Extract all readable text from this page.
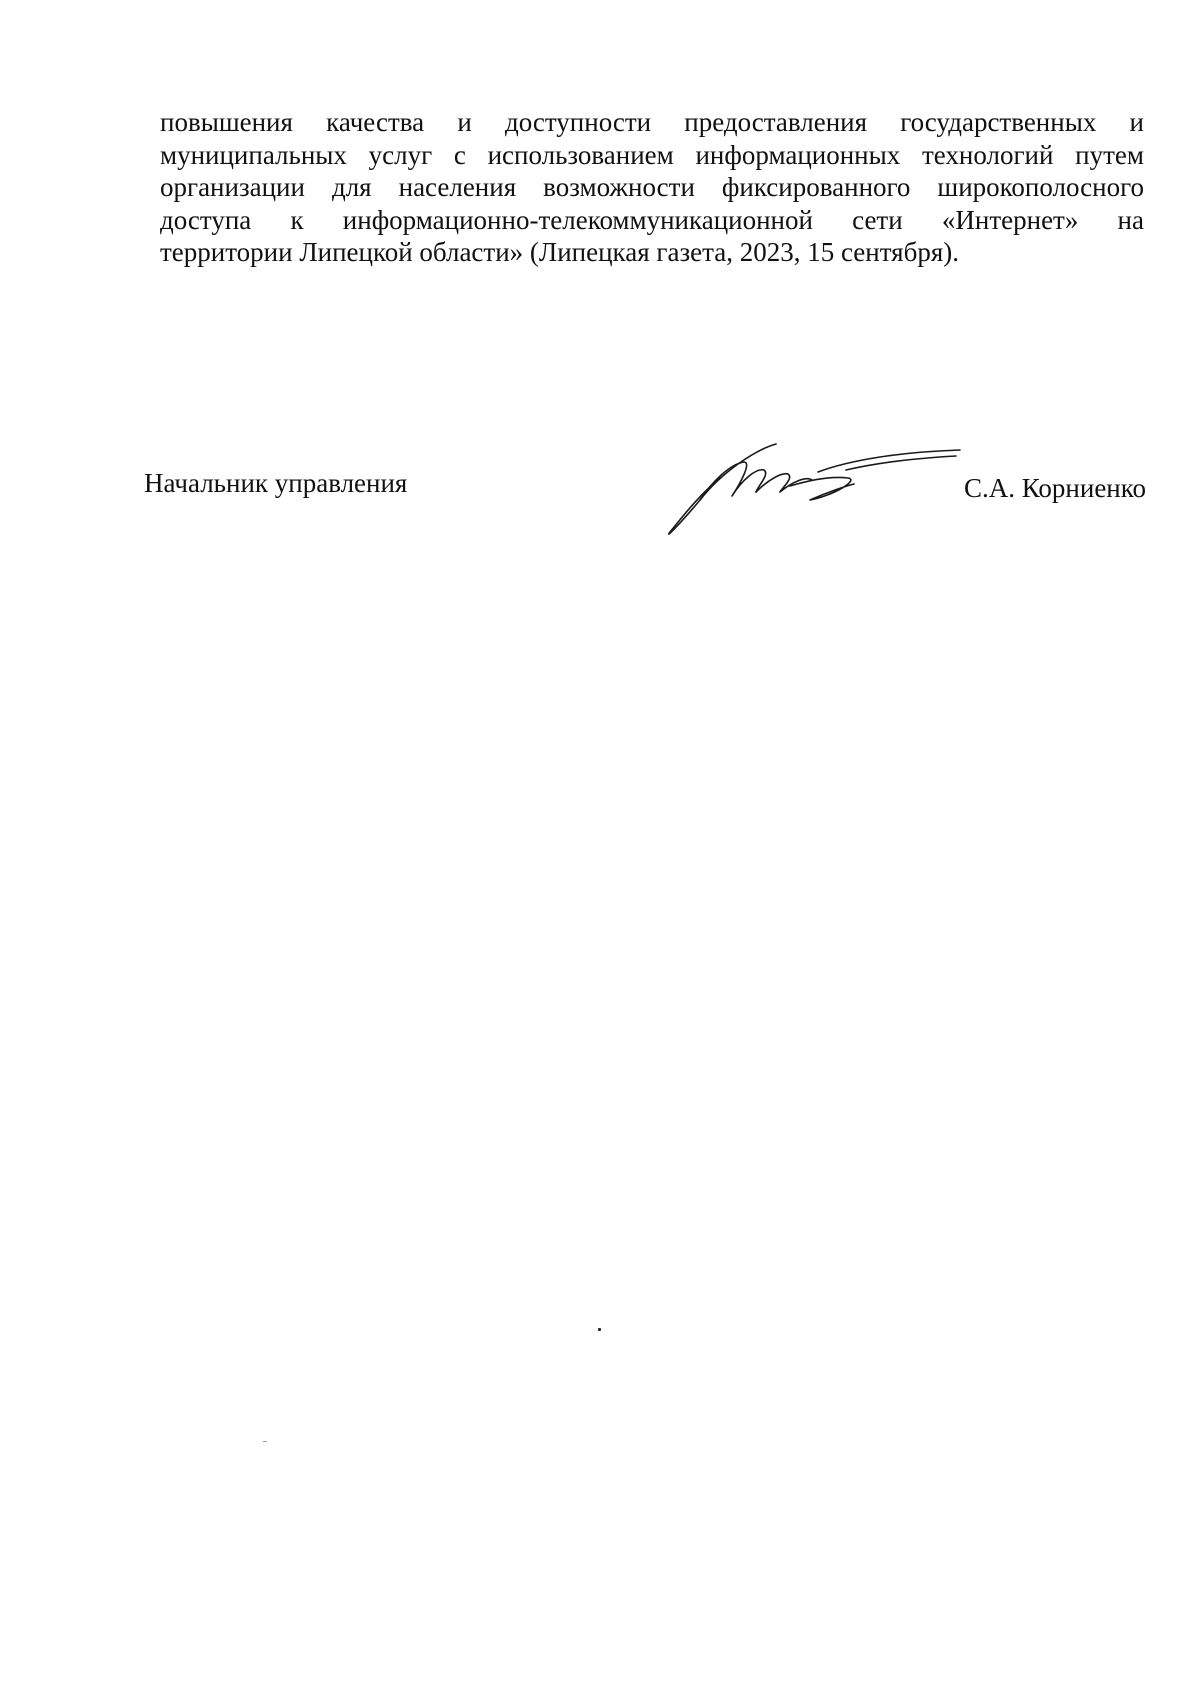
повышения качества и доступности предоставления государственных и
муниципальных услуг с использованием информационных технологий путем
организации для населения возможности фиксированного широкополосного
доступа к информационно-телекоммуникационной сети «Интернет» на
территории Липецкой области» (Липецкая газета, 2023, 15 сентября).
Начальник управления	С.А. Корниенко
